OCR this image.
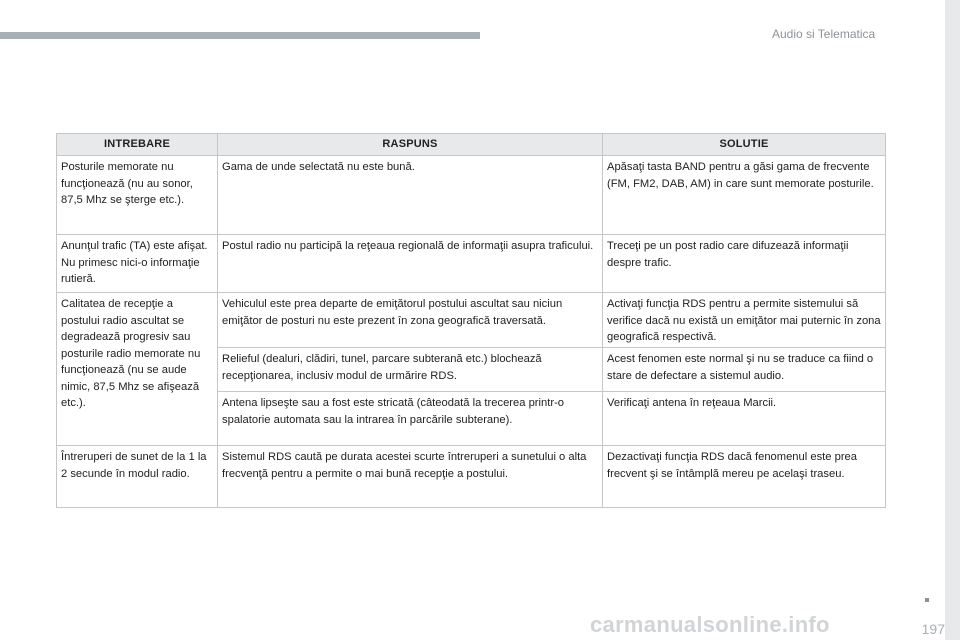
Audio si Telematica
INTREBARE	RASPUNS	SOLUTIE
Posturile memorate nu funcţionează (nu au sonor, 87,5 Mhz se şterge etc.).	Gama de unde selectată nu este bună.	Apăsaţi tasta BAND pentru a găsi gama de frecvente (FM, FM2, DAB, AM) in care sunt memorate posturile.
Anunţul trafic (TA) este afişat. Nu primesc nici-o informaţie rutieră.	Postul radio nu participă la reţeaua regională de informaţii asupra traficului.	Treceţi pe un post radio care difuzează informaţii despre trafic.
Calitatea de recepţie a postului radio ascultat se degradează progresiv sau posturile radio memorate nu funcţionează (nu se aude nimic, 87,5 Mhz se afişează etc.).	Vehiculul este prea departe de emiţătorul postului ascultat sau niciun emiţător de posturi nu este prezent în zona geografică traversată.	Activaţi funcţia RDS pentru a permite sistemului să verifice dacă nu există un emiţător mai puternic în zona geografică respectivă.
	Relieful (dealuri, clădiri, tunel, parcare subterană etc.) blochează recepţionarea, inclusiv modul de urmărire RDS.	Acest fenomen este normal şi nu se traduce ca fiind o stare de defectare a sistemul audio.
	Antena lipseşte sau a fost este stricată (câteodată la trecerea printr-o spalatorie automata sau la intrarea în parcările subterane).	Verificaţi antena în reţeaua Marcii.
Întreruperi de sunet de la 1 la 2 secunde în modul radio.	Sistemul RDS caută pe durata acestei scurte întreruperi a sunetului o alta frecvenţă pentru a permite o mai bună recepţie a postului.	Dezactivaţi funcţia RDS dacă fenomenul este prea frecvent şi se întâmplă mereu pe acelaşi traseu.
carmanualsonline.info	197
